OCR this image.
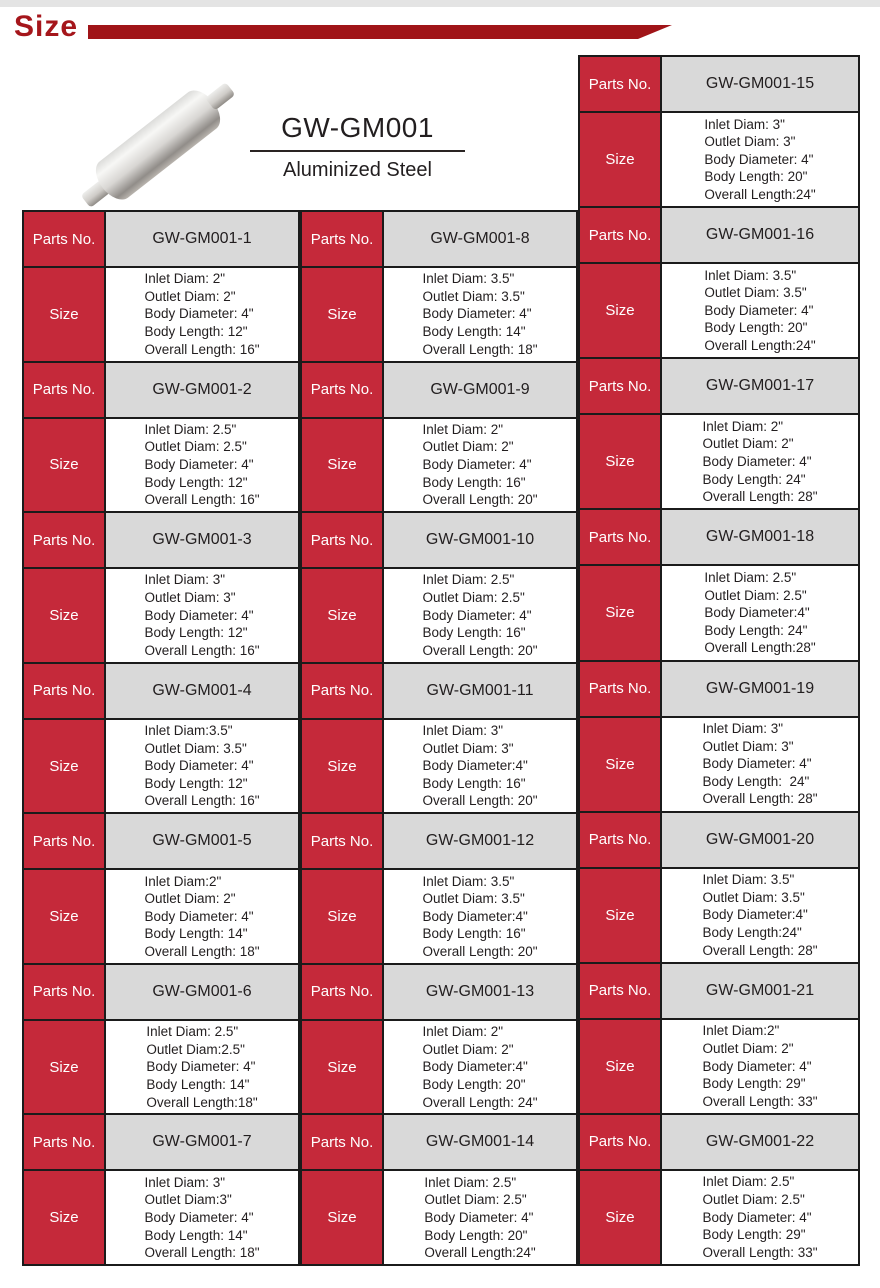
Size
GW-GM001
Aluminized Steel
Parts No.	GW-GM001-1
Size
Inlet Diam: 2"
Outlet Diam: 2"
Body Diameter: 4"
Body Length: 12"
Overall Length: 16"
Parts No.	GW-GM001-2
Size
Inlet Diam: 2.5"
Outlet Diam: 2.5"
Body Diameter: 4"
Body Length: 12"
Overall Length: 16"
Parts No.	GW-GM001-3
Size
Inlet Diam: 3"
Outlet Diam: 3"
Body Diameter: 4"
Body Length: 12"
Overall Length: 16"
Parts No.	GW-GM001-4
Size
Inlet Diam:3.5"
Outlet Diam: 3.5"
Body Diameter: 4"
Body Length: 12"
Overall Length: 16"
Parts No.	GW-GM001-5
Size
Inlet Diam:2"
Outlet Diam: 2"
Body Diameter: 4"
Body Length: 14"
Overall Length: 18"
Parts No.	GW-GM001-6
Size
Inlet Diam: 2.5"
Outlet Diam:2.5"
Body Diameter: 4"
Body Length: 14"
Overall Length:18"
Parts No.	GW-GM001-7
Size
Inlet Diam: 3"
Outlet Diam:3"
Body Diameter: 4"
Body Length: 14"
Overall Length: 18"
Parts No.	GW-GM001-8
Size
Inlet Diam: 3.5"
Outlet Diam: 3.5"
Body Diameter: 4"
Body Length: 14"
Overall Length: 18"
Parts No.	GW-GM001-9
Size
Inlet Diam: 2"
Outlet Diam: 2"
Body Diameter: 4"
Body Length: 16"
Overall Length: 20"
Parts No.	GW-GM001-10
Size
Inlet Diam: 2.5"
Outlet Diam: 2.5"
Body Diameter: 4"
Body Length: 16"
Overall Length: 20"
Parts No.	GW-GM001-11
Size
Inlet Diam: 3"
Outlet Diam: 3"
Body Diameter:4"
Body Length: 16"
Overall Length: 20"
Parts No.	GW-GM001-12
Size
Inlet Diam: 3.5"
Outlet Diam: 3.5"
Body Diameter:4"
Body Length: 16"
Overall Length: 20"
Parts No.	GW-GM001-13
Size
Inlet Diam: 2"
Outlet Diam: 2"
Body Diameter:4"
Body Length: 20"
Overall Length: 24"
Parts No.	GW-GM001-14
Size
Inlet Diam: 2.5"
Outlet Diam: 2.5"
Body Diameter: 4"
Body Length: 20"
Overall Length:24"
Parts No.	GW-GM001-15
Size
Inlet Diam: 3"
Outlet Diam: 3"
Body Diameter: 4"
Body Length: 20"
Overall Length:24"
Parts No.	GW-GM001-16
Size
Inlet Diam: 3.5"
Outlet Diam: 3.5"
Body Diameter: 4"
Body Length: 20"
Overall Length:24"
Parts No.	GW-GM001-17
Size
Inlet Diam: 2"
Outlet Diam: 2"
Body Diameter: 4"
Body Length: 24"
Overall Length: 28"
Parts No.	GW-GM001-18
Size
Inlet Diam: 2.5"
Outlet Diam: 2.5"
Body Diameter:4"
Body Length: 24"
Overall Length:28"
Parts No.	GW-GM001-19
Size
Inlet Diam: 3"
Outlet Diam: 3"
Body Diameter: 4"
Body Length:  24"
Overall Length: 28"
Parts No.	GW-GM001-20
Size
Inlet Diam: 3.5"
Outlet Diam: 3.5"
Body Diameter:4"
Body Length:24"
Overall Length: 28"
Parts No.	GW-GM001-21
Size
Inlet Diam:2"
Outlet Diam: 2"
Body Diameter: 4"
Body Length: 29"
Overall Length: 33"
Parts No.	GW-GM001-22
Size
Inlet Diam: 2.5"
Outlet Diam: 2.5"
Body Diameter: 4"
Body Length: 29"
Overall Length: 33"
